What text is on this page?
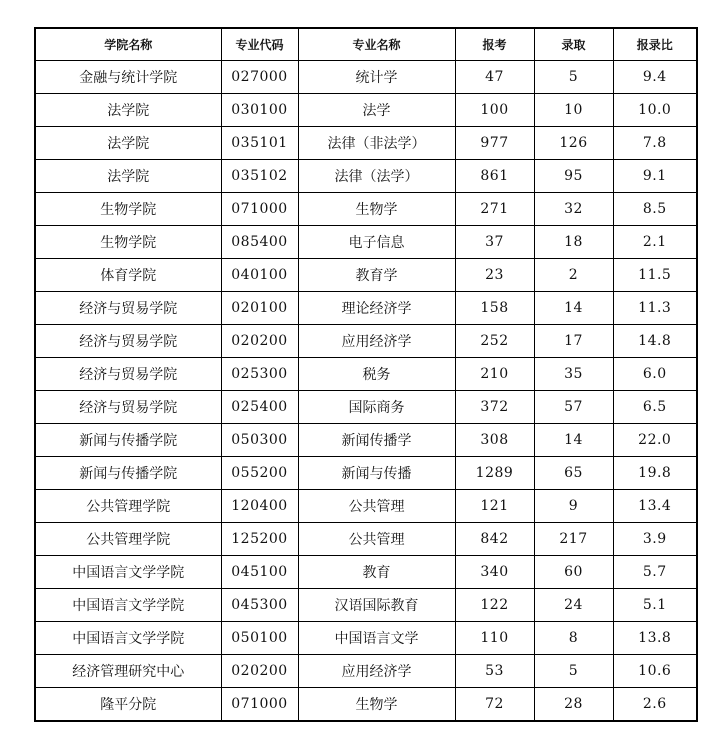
学院名称	专业代码	专业名称	报考	录取	报录比
金融与统计学院	027000	统计学	47	5	9.4
法学院	030100	法学	100	10	10.0
法学院	035101	法律（非法学）	977	126	7.8
法学院	035102	法律（法学）	861	95	9.1
生物学院	071000	生物学	271	32	8.5
生物学院	085400	电子信息	37	18	2.1
体育学院	040100	教育学	23	2	11.5
经济与贸易学院	020100	理论经济学	158	14	11.3
经济与贸易学院	020200	应用经济学	252	17	14.8
经济与贸易学院	025300	税务	210	35	6.0
经济与贸易学院	025400	国际商务	372	57	6.5
新闻与传播学院	050300	新闻传播学	308	14	22.0
新闻与传播学院	055200	新闻与传播	1289	65	19.8
公共管理学院	120400	公共管理	121	9	13.4
公共管理学院	125200	公共管理	842	217	3.9
中国语言文学学院	045100	教育	340	60	5.7
中国语言文学学院	045300	汉语国际教育	122	24	5.1
中国语言文学学院	050100	中国语言文学	110	8	13.8
经济管理研究中心	020200	应用经济学	53	5	10.6
隆平分院	071000	生物学	72	28	2.6
